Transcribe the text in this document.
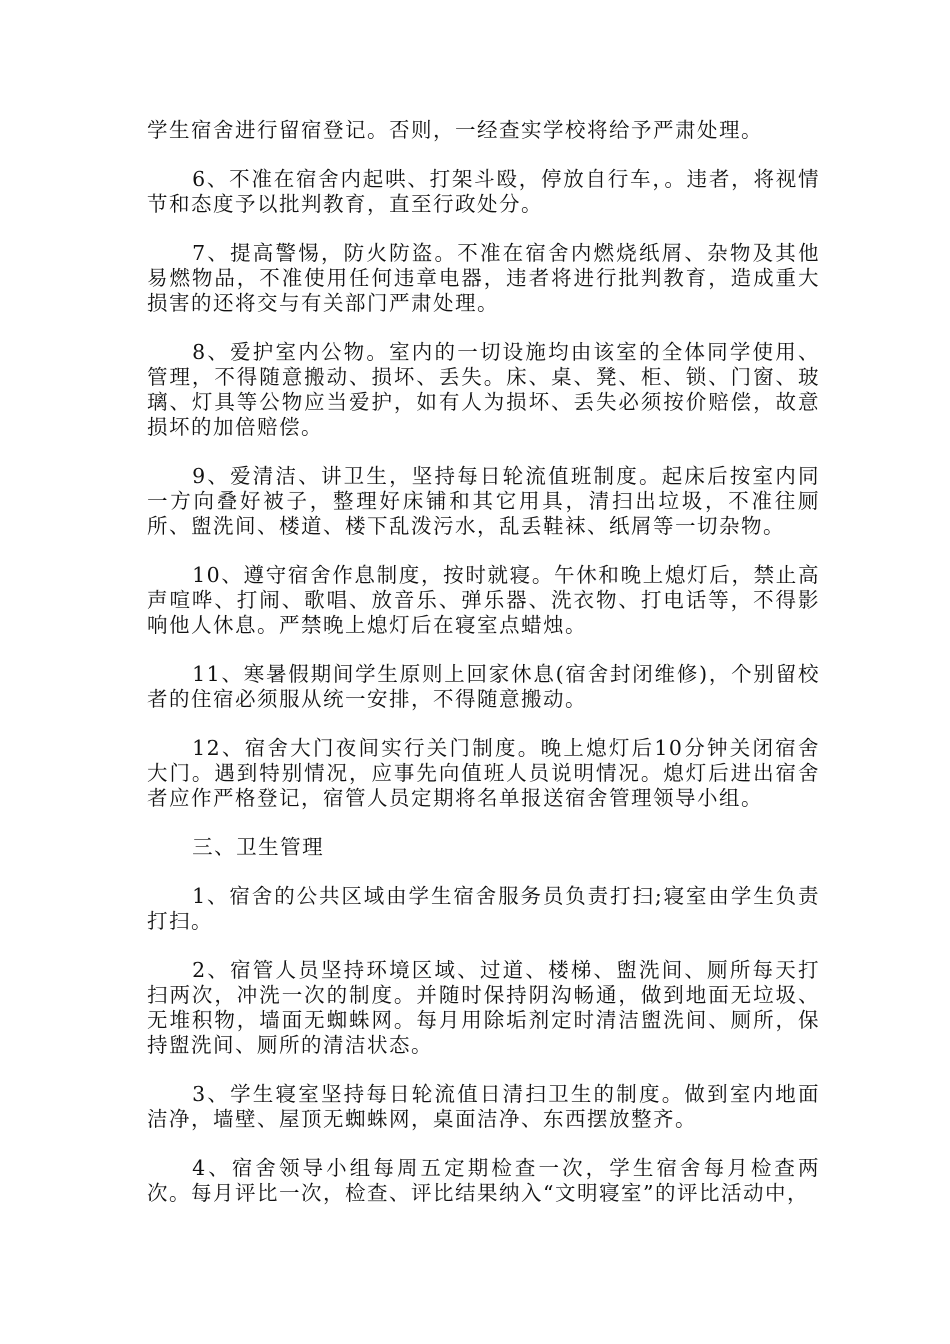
学生宿舍进行留宿登记。否则，一经查实学校将给予严肃处理。

6、不准在宿舍内起哄、打架斗殴，停放自行车，。违者，将视情节和态度予以批判教育，直至行政处分。

7、提高警惕，防火防盗。不准在宿舍内燃烧纸屑、杂物及其他易燃物品，不准使用任何违章电器，违者将进行批判教育，造成重大损害的还将交与有关部门严肃处理。

8、爱护室内公物。室内的一切设施均由该室的全体同学使用、管理，不得随意搬动、损坏、丢失。床、桌、凳、柜、锁、门窗、玻璃、灯具等公物应当爱护，如有人为损坏、丢失必须按价赔偿，故意损坏的加倍赔偿。

9、爱清洁、讲卫生，坚持每日轮流值班制度。起床后按室内同一方向叠好被子，整理好床铺和其它用具，清扫出垃圾，不准往厕所、盥洗间、楼道、楼下乱泼污水，乱丢鞋袜、纸屑等一切杂物。

10、遵守宿舍作息制度，按时就寝。午休和晚上熄灯后，禁止高声喧哗、打闹、歌唱、放音乐、弹乐器、洗衣物、打电话等，不得影响他人休息。严禁晚上熄灯后在寝室点蜡烛。

11、寒暑假期间学生原则上回家休息(宿舍封闭维修)，个别留校者的住宿必须服从统一安排，不得随意搬动。

12、宿舍大门夜间实行关门制度。晚上熄灯后10分钟关闭宿舍大门。遇到特别情况，应事先向值班人员说明情况。熄灯后进出宿舍者应作严格登记，宿管人员定期将名单报送宿舍管理领导小组。

三、卫生管理

1、宿舍的公共区域由学生宿舍服务员负责打扫;寝室由学生负责打扫。

2、宿管人员坚持环境区域、过道、楼梯、盥洗间、厕所每天打扫两次，冲洗一次的制度。并随时保持阴沟畅通，做到地面无垃圾、无堆积物，墙面无蜘蛛网。每月用除垢剂定时清洁盥洗间、厕所，保持盥洗间、厕所的清洁状态。

3、学生寝室坚持每日轮流值日清扫卫生的制度。做到室内地面洁净，墙壁、屋顶无蜘蛛网，桌面洁净、东西摆放整齐。

4、宿舍领导小组每周五定期检查一次，学生宿舍每月检查两次。每月评比一次，检查、评比结果纳入“文明寝室”的评比活动中，
